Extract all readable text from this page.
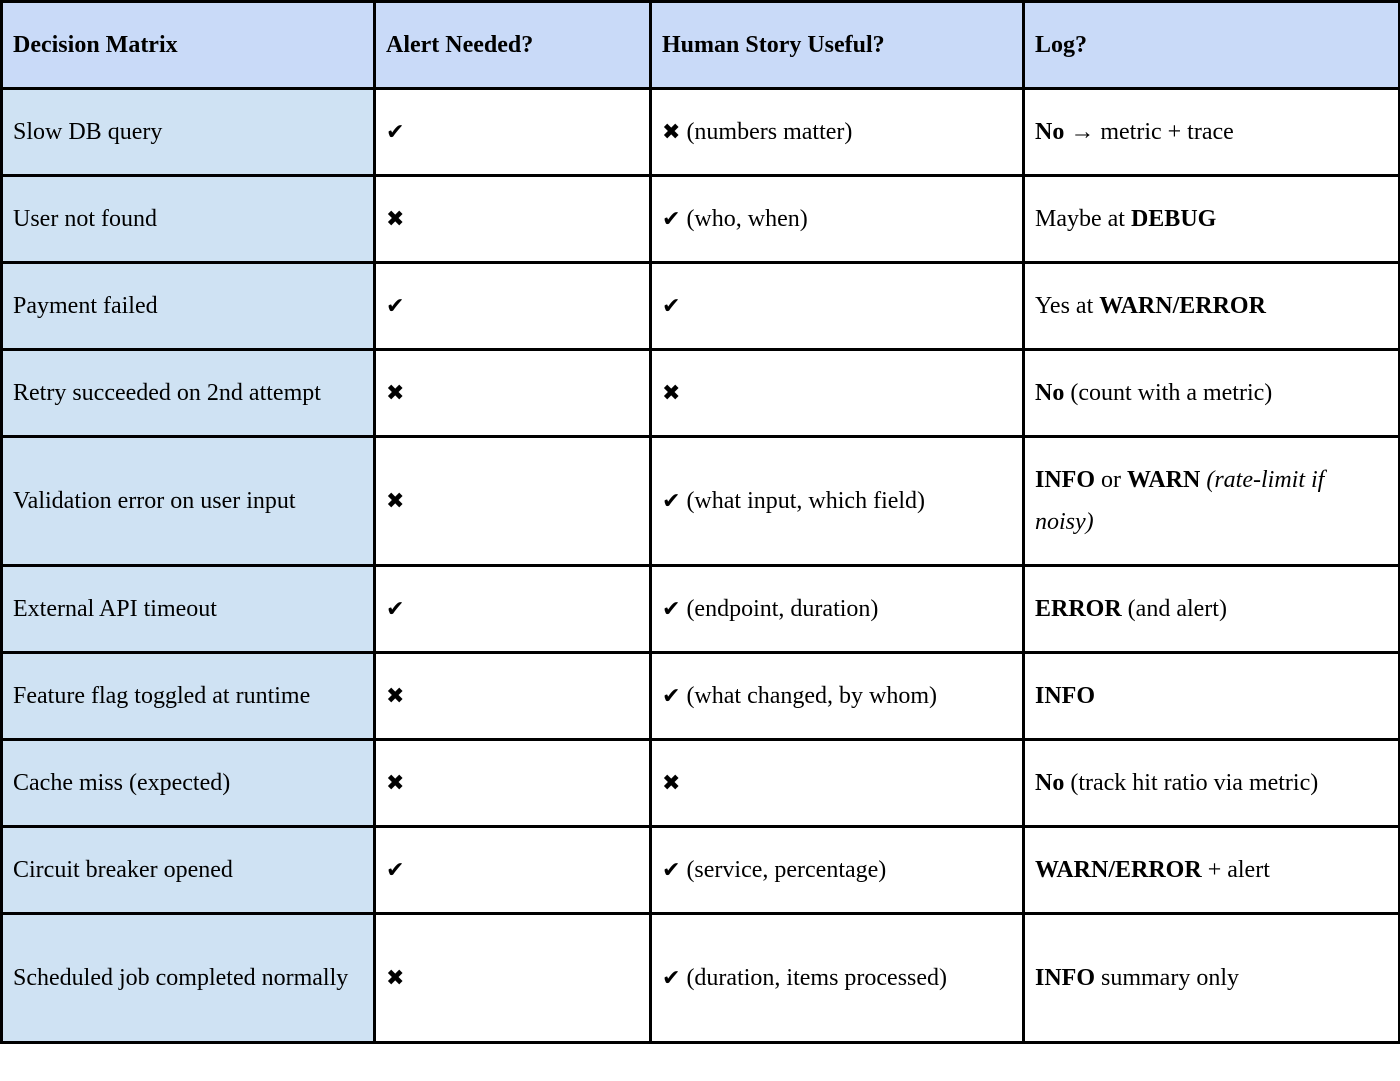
Decision Matrix	Alert Needed?	Human Story Useful?	Log?
Slow DB query	✔	✖ (numbers matter)	No → metric + trace
User not found	✖	✔ (who, when)	Maybe at DEBUG
Payment failed	✔	✔	Yes at WARN/ERROR
Retry succeeded on 2nd attempt	✖	✖	No (count with a metric)
Validation error on user input	✖	✔ (what input, which field)	INFO or WARN (rate-limit if noisy)
External API timeout	✔	✔ (endpoint, duration)	ERROR (and alert)
Feature flag toggled at runtime	✖	✔ (what changed, by whom)	INFO
Cache miss (expected)	✖	✖	No (track hit ratio via metric)
Circuit breaker opened	✔	✔ (service, percentage)	WARN/ERROR + alert
Scheduled job completed normally	✖	✔ (duration, items processed)	INFO summary only
